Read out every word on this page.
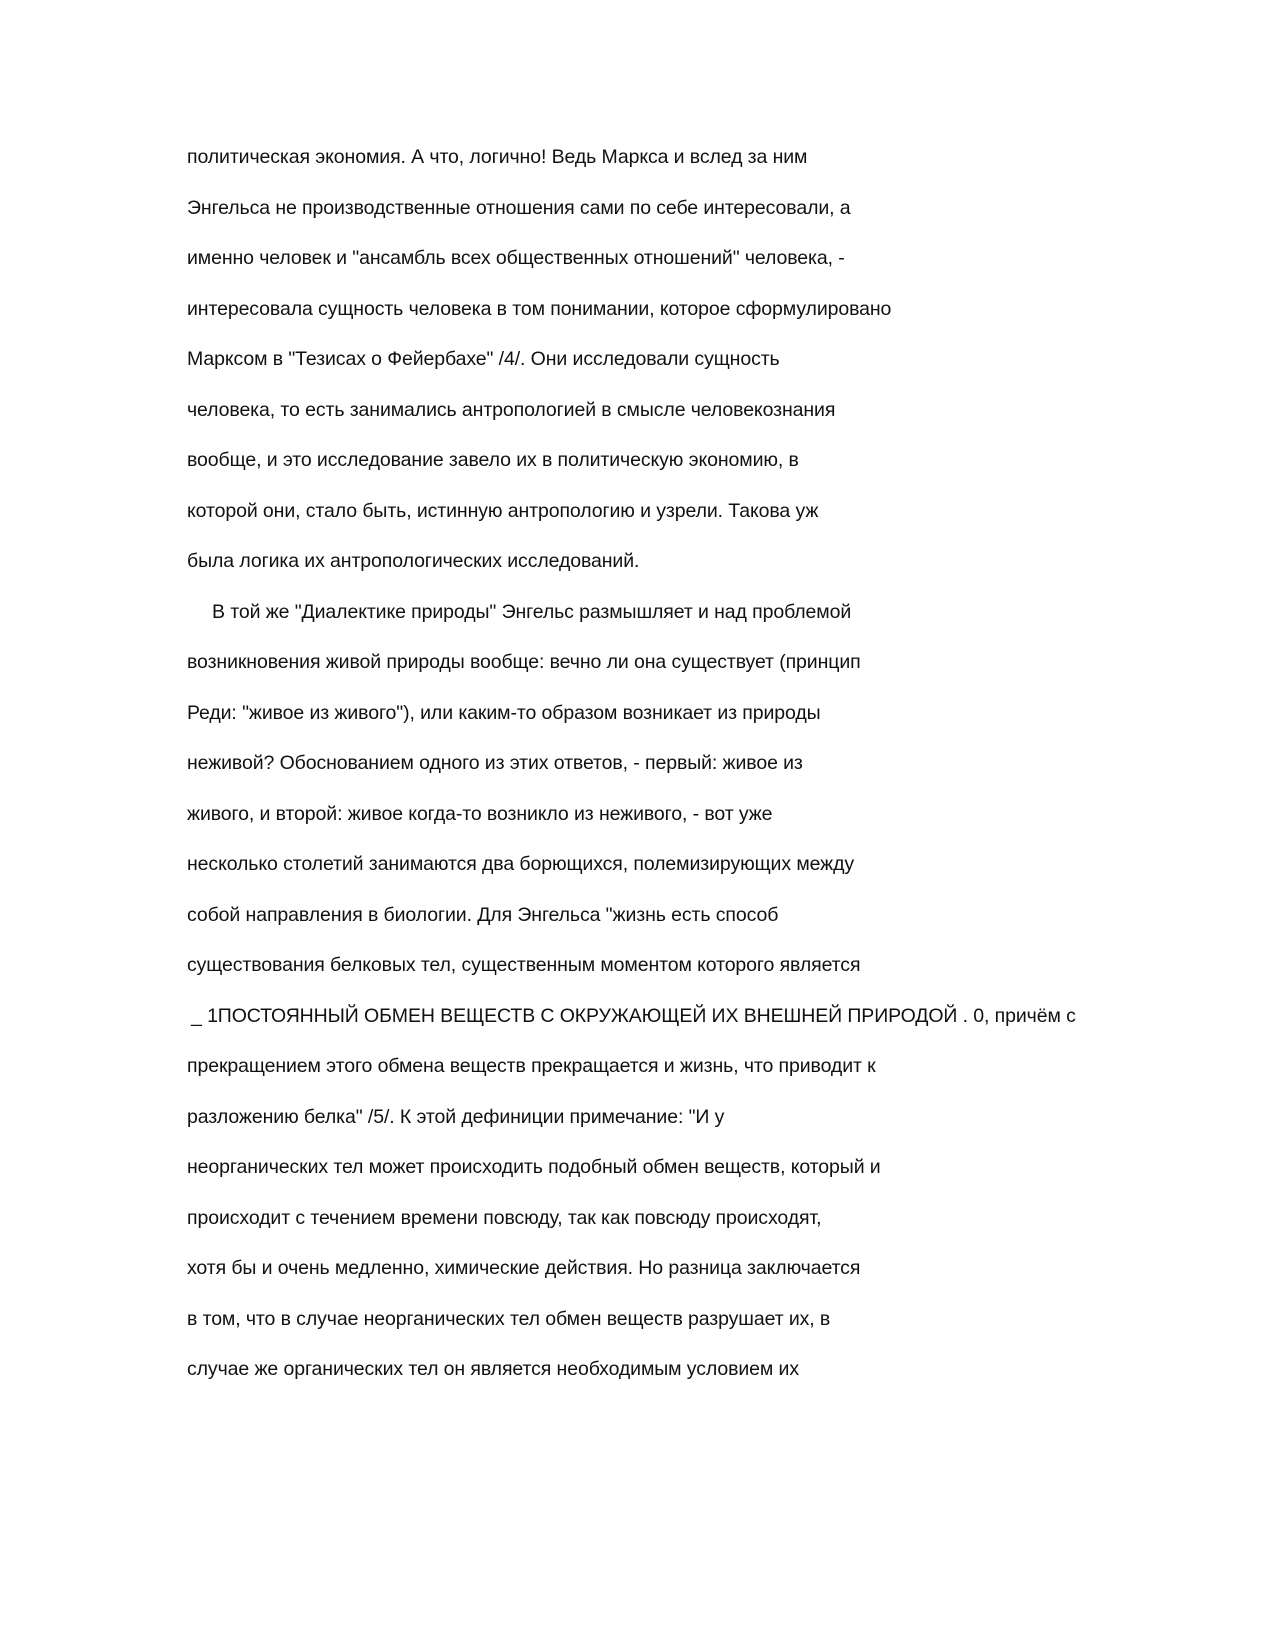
политическая экономия. А что, логично! Ведь Маркса и вслед за ним
Энгельса не производственные отношения сами по себе интересовали, а
именно человек и "ансамбль всех общественных отношений" человека, -
интересовала сущность человека в том понимании, которое сформулировано
Марксом в "Тезисах о Фейербахе" /4/. Они исследовали сущность
человека, то есть занимались антропологией в смысле человекознания
вообще, и это исследование завело их в политическую экономию, в
которой они, стало быть, истинную антропологию и узрели. Такова уж
была логика их антропологических исследований.
В той же "Диалектике природы" Энгельс размышляет и над проблемой
возникновения живой природы вообще: вечно ли она существует (принцип
Реди: "живое из живого"), или каким-то образом возникает из природы
неживой? Обоснованием одного из этих ответов, - первый: живое из
живого, и второй: живое когда-то возникло из неживого, - вот уже
несколько столетий занимаются два борющихся, полемизирующих между
собой направления в биологии. Для Энгельса "жизнь есть способ
существования белковых тел, существенным моментом которого является
_ 1ПОСТОЯННЫЙ ОБМЕН ВЕЩЕСТВ С ОКРУЖАЮЩЕЙ ИХ ВНЕШНЕЙ ПРИРОДОЙ . 0, причём с
прекращением этого обмена веществ прекращается и жизнь, что приводит к
разложению белка" /5/. К этой дефиниции примечание: "И у
неорганических тел может происходить подобный обмен веществ, который и
происходит с течением времени повсюду, так как повсюду происходят,
хотя бы и очень медленно, химические действия. Но разница заключается
в том, что в случае неорганических тел обмен веществ разрушает их, в
случае же органических тел он является необходимым условием их
